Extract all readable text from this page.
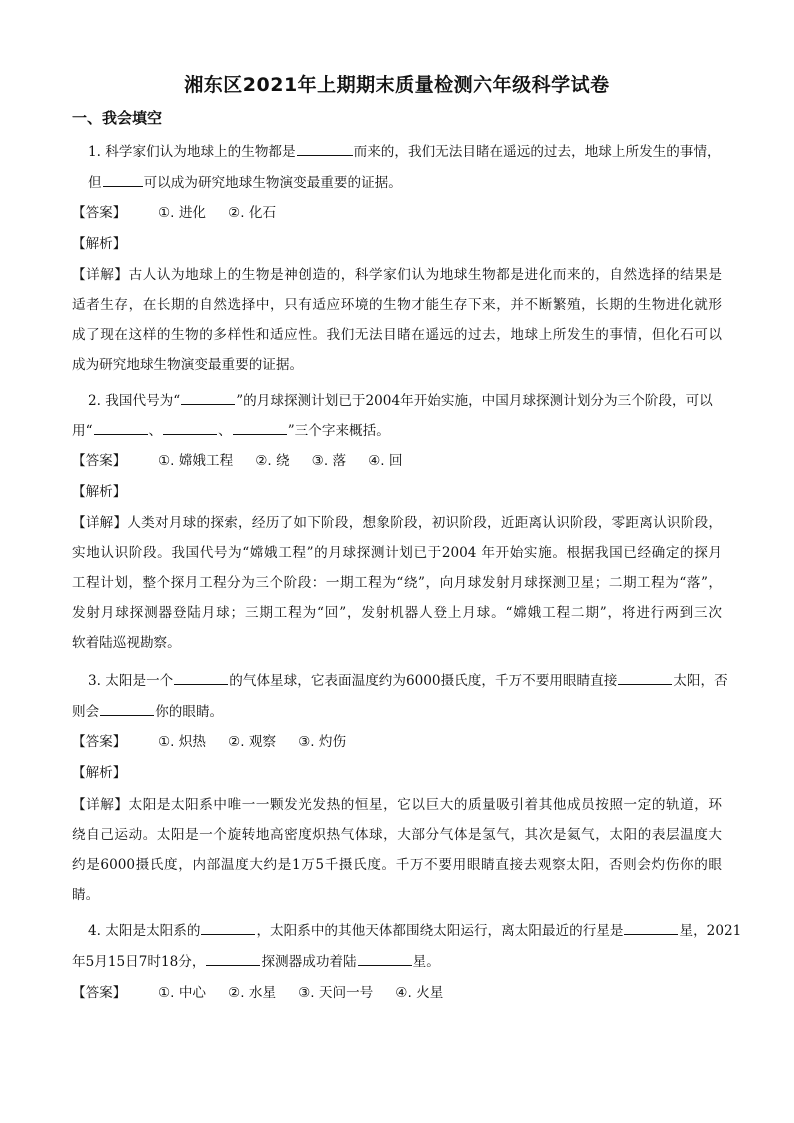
湘东区2021年上期期末质量检测六年级科学试卷
一、我会填空
1. 科学家们认为地球上的生物都是	而来的，我们无法目睹在遥远的过去，地球上所发生的事情，
但	可以成为研究地球生物演变最重要的证据。
【答案】 ①. 进化 ②. 化石
【解析】
【详解】古人认为地球上的生物是神创造的，科学家们认为地球生物都是进化而来的，自然选择的结果是
适者生存，在长期的自然选择中，只有适应环境的生物才能生存下来，并不断繁殖，长期的生物进化就形
成了现在这样的生物的多样性和适应性。我们无法目睹在遥远的过去，地球上所发生的事情，但化石可以
成为研究地球生物演变最重要的证据。
2. 我国代号为“	”的月球探测计划已于2004年开始实施，中国月球探测计划分为三个阶段，可以
用“	、	、	”三个字来概括。
【答案】 ①. 嫦娥工程 ②. 绕 ③. 落 ④. 回
【解析】
【详解】人类对月球的探索，经历了如下阶段，想象阶段，初识阶段，近距离认识阶段，零距离认识阶段，
实地认识阶段。我国代号为“嫦娥工程”的月球探测计划已于2004 年开始实施。根据我国已经确定的探月
工程计划，整个探月工程分为三个阶段：一期工程为“绕”，向月球发射月球探测卫星；二期工程为“落”，
发射月球探测器登陆月球；三期工程为“回”，发射机器人登上月球。“嫦娥工程二期”，将进行两到三次
软着陆巡视勘察。
3. 太阳是一个	的气体星球，它表面温度约为6000摄氏度，千万不要用眼睛直接	太阳，否
则会	你的眼睛。
【答案】 ①. 炽热 ②. 观察 ③. 灼伤
【解析】
【详解】太阳是太阳系中唯一一颗发光发热的恒星，它以巨大的质量吸引着其他成员按照一定的轨道，环
绕自己运动。太阳是一个旋转地高密度炽热气体球，大部分气体是氢气，其次是氦气，太阳的表层温度大
约是6000摄氏度，内部温度大约是1万5千摄氏度。千万不要用眼睛直接去观察太阳，否则会灼伤你的眼
睛。
4. 太阳是太阳系的	，太阳系中的其他天体都围绕太阳运行，离太阳最近的行星是	星，2021
年5月15日7时18分，	探测器成功着陆	星。
【答案】 ①. 中心 ②. 水星 ③. 天问一号 ④. 火星
